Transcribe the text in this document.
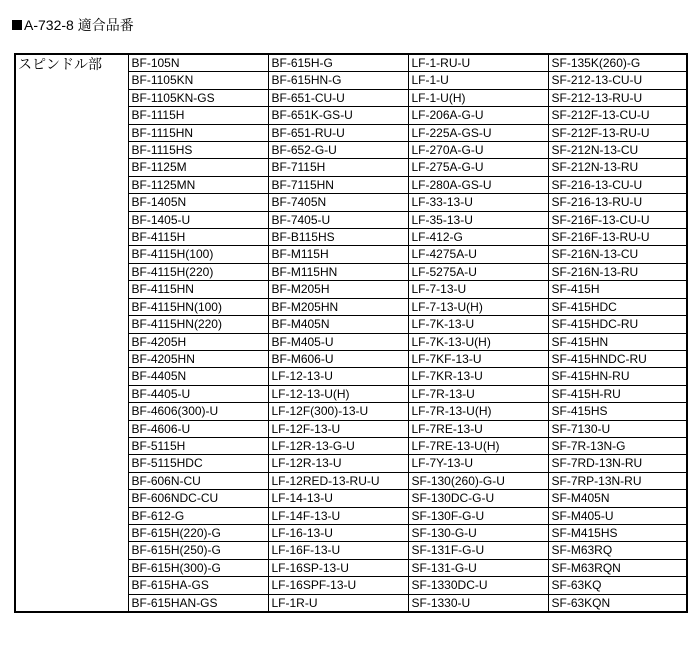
A-732-8 適合品番
スピンドル部	BF-105N	BF-615H-G	LF-1-RU-U	SF-135K(260)-G
	BF-1105KN	BF-615HN-G	LF-1-U	SF-212-13-CU-U
	BF-1105KN-GS	BF-651-CU-U	LF-1-U(H)	SF-212-13-RU-U
	BF-1115H	BF-651K-GS-U	LF-206A-G-U	SF-212F-13-CU-U
	BF-1115HN	BF-651-RU-U	LF-225A-GS-U	SF-212F-13-RU-U
	BF-1115HS	BF-652-G-U	LF-270A-G-U	SF-212N-13-CU
	BF-1125M	BF-7115H	LF-275A-G-U	SF-212N-13-RU
	BF-1125MN	BF-7115HN	LF-280A-GS-U	SF-216-13-CU-U
	BF-1405N	BF-7405N	LF-33-13-U	SF-216-13-RU-U
	BF-1405-U	BF-7405-U	LF-35-13-U	SF-216F-13-CU-U
	BF-4115H	BF-B115HS	LF-412-G	SF-216F-13-RU-U
	BF-4115H(100)	BF-M115H	LF-4275A-U	SF-216N-13-CU
	BF-4115H(220)	BF-M115HN	LF-5275A-U	SF-216N-13-RU
	BF-4115HN	BF-M205H	LF-7-13-U	SF-415H
	BF-4115HN(100)	BF-M205HN	LF-7-13-U(H)	SF-415HDC
	BF-4115HN(220)	BF-M405N	LF-7K-13-U	SF-415HDC-RU
	BF-4205H	BF-M405-U	LF-7K-13-U(H)	SF-415HN
	BF-4205HN	BF-M606-U	LF-7KF-13-U	SF-415HNDC-RU
	BF-4405N	LF-12-13-U	LF-7KR-13-U	SF-415HN-RU
	BF-4405-U	LF-12-13-U(H)	LF-7R-13-U	SF-415H-RU
	BF-4606(300)-U	LF-12F(300)-13-U	LF-7R-13-U(H)	SF-415HS
	BF-4606-U	LF-12F-13-U	LF-7RE-13-U	SF-7130-U
	BF-5115H	LF-12R-13-G-U	LF-7RE-13-U(H)	SF-7R-13N-G
	BF-5115HDC	LF-12R-13-U	LF-7Y-13-U	SF-7RD-13N-RU
	BF-606N-CU	LF-12RED-13-RU-U	SF-130(260)-G-U	SF-7RP-13N-RU
	BF-606NDC-CU	LF-14-13-U	SF-130DC-G-U	SF-M405N
	BF-612-G	LF-14F-13-U	SF-130F-G-U	SF-M405-U
	BF-615H(220)-G	LF-16-13-U	SF-130-G-U	SF-M415HS
	BF-615H(250)-G	LF-16F-13-U	SF-131F-G-U	SF-M63RQ
	BF-615H(300)-G	LF-16SP-13-U	SF-131-G-U	SF-M63RQN
	BF-615HA-GS	LF-16SPF-13-U	SF-1330DC-U	SF-63KQ
	BF-615HAN-GS	LF-1R-U	SF-1330-U	SF-63KQN
